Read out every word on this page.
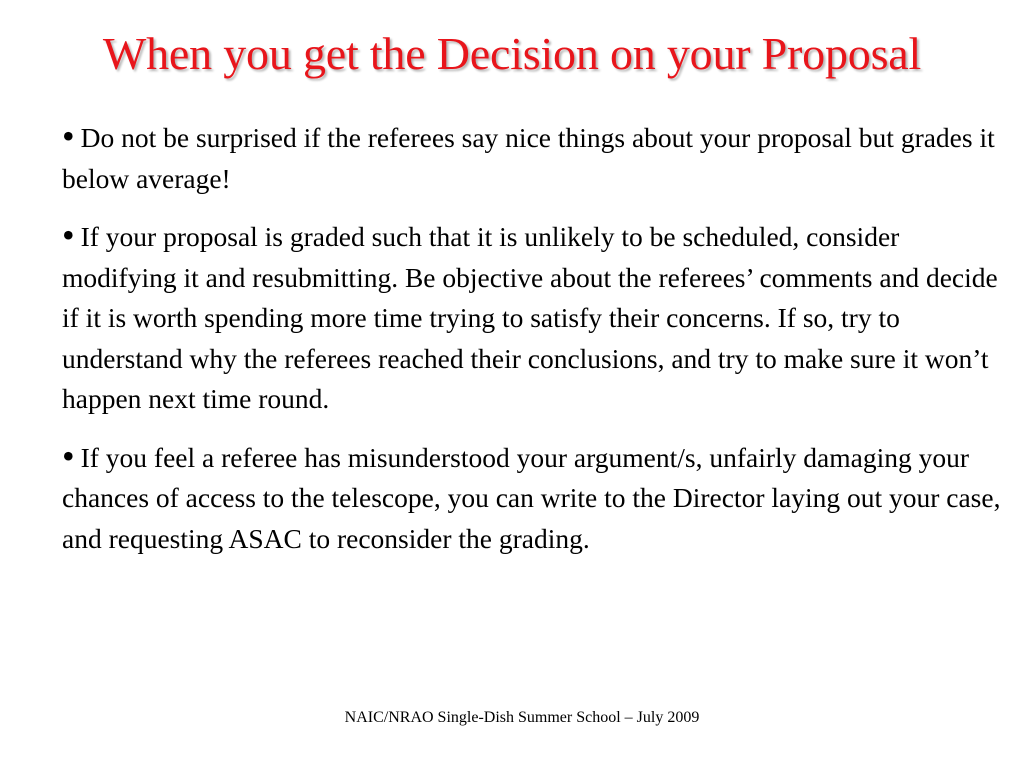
When you get the Decision on your Proposal
• Do not be surprised if the referees say nice things about your proposal but grades it below average!
• If your proposal is graded such that it is unlikely to be scheduled, consider modifying it and resubmitting. Be objective about the referees’ comments and decide if it is worth spending more time trying to satisfy their concerns. If so, try to understand why the referees reached their conclusions, and try to make sure it won’t happen next time round.
• If you feel a referee has misunderstood your argument/s, unfairly damaging your chances of access to the telescope, you can write to the Director laying out your case, and requesting ASAC to reconsider the grading.
NAIC/NRAO Single-Dish Summer School – July 2009
